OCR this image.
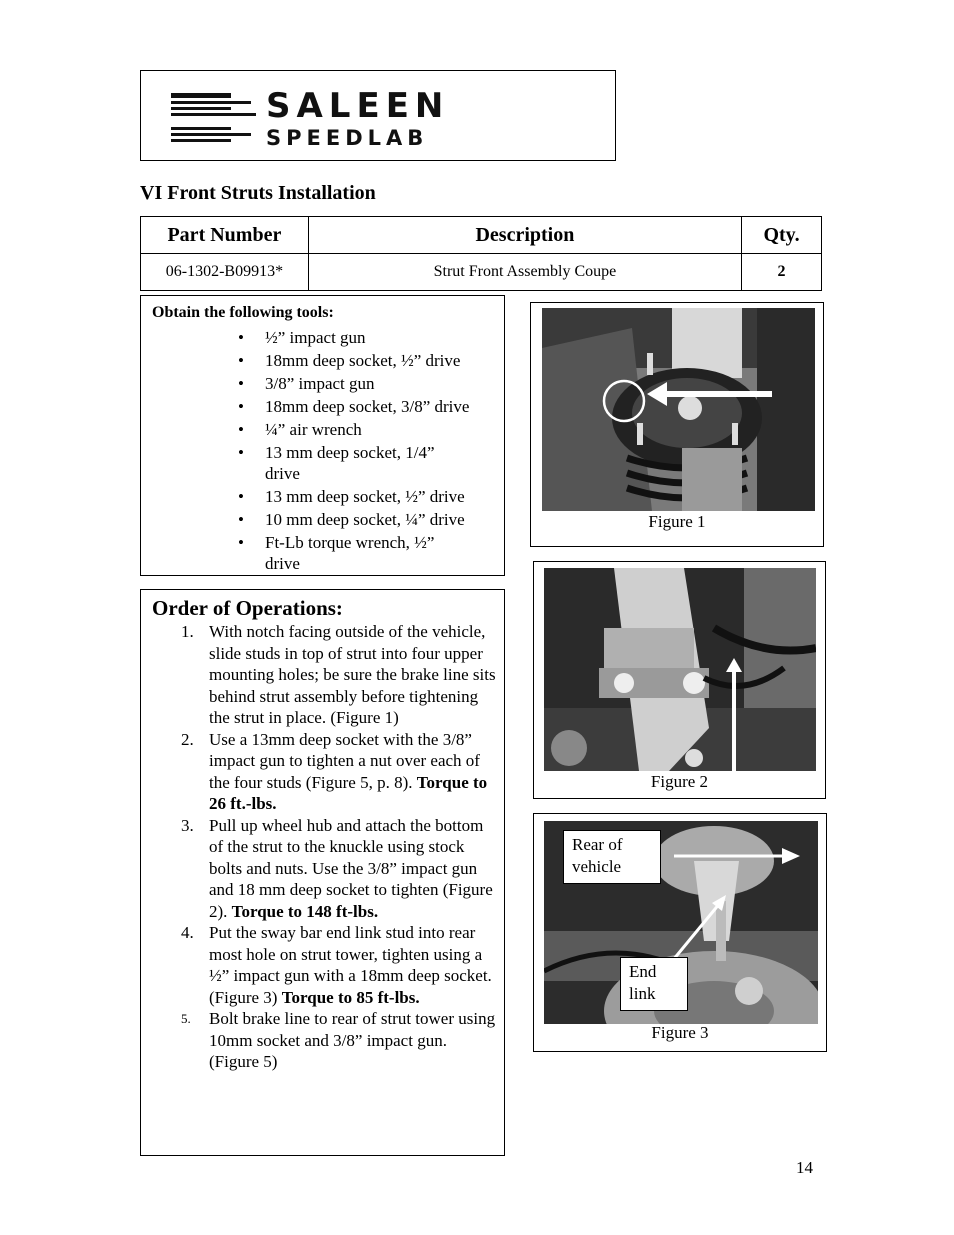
SALEEN
SPEEDLAB
VI Front Struts Installation
Part Number	Description	Qty.
06-1302-B09913*	Strut Front Assembly Coupe	2
Obtain the following tools:
• ½” impact gun
• 18mm deep socket, ½” drive
• 3/8” impact gun
• 18mm deep socket, 3/8” drive
• ¼” air wrench
• 13 mm deep socket, 1/4” drive
• 13 mm deep socket, ½” drive
• 10 mm deep socket, ¼” drive
• Ft-Lb torque wrench, ½” drive
Order of Operations:
1. With notch facing outside of the vehicle, slide studs in top of strut into four upper mounting holes; be sure the brake line sits behind strut assembly before tightening the strut in place. (Figure 1)
2. Use a 13mm deep socket with the 3/8” impact gun to tighten a nut over each of the four studs (Figure 5, p. 8). Torque to 26 ft.-lbs.
3. Pull up wheel hub and attach the bottom of the strut to the knuckle using stock bolts and nuts. Use the 3/8” impact gun and 18 mm deep socket to tighten (Figure 2). Torque to 148 ft-lbs.
4. Put the sway bar end link stud into rear most hole on strut tower, tighten using a ½” impact gun with a 18mm deep socket. (Figure 3) Torque to 85 ft-lbs.
5. Bolt brake line to rear of strut tower using 10mm socket and 3/8” impact gun. (Figure 5)
Figure 1
Figure 2
Rear of vehicle
End link
Figure 3
14
